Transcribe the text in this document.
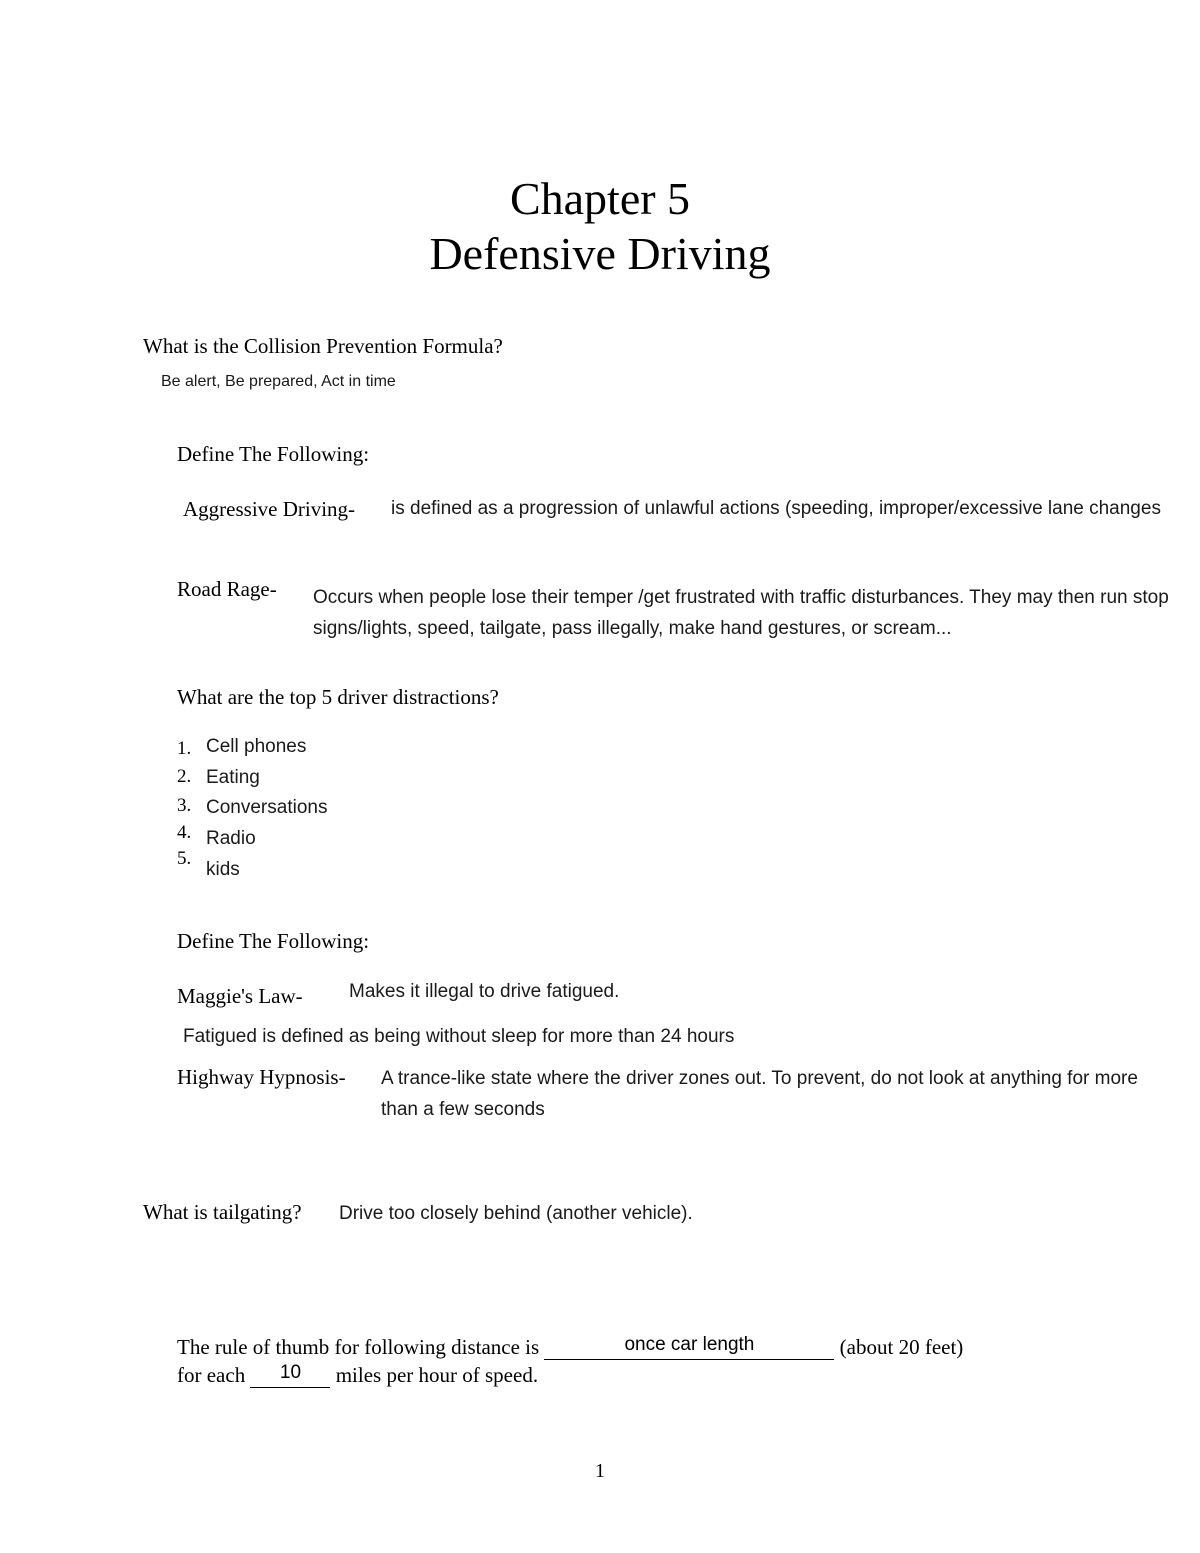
Chapter 5
Defensive Driving
What is the Collision Prevention Formula?
Be alert, Be prepared, Act in time
Define The Following:
Aggressive Driving- is defined as a progression of unlawful actions (speeding, improper/excessive lane changes
Road Rage- Occurs when people lose their temper /get frustrated with traffic disturbances. They may then run stop signs/lights, speed, tailgate, pass illegally, make hand gestures, or scream...
What are the top 5 driver distractions?
1. Cell phones
2. Eating
3. Conversations
4. Radio
5.
kids
Define The Following:
Maggie's Law- Makes it illegal to drive fatigued.
Fatigued is defined as being without sleep for more than 24 hours
Highway Hypnosis- A trance-like state where the driver zones out. To prevent, do not look at anything for more than a few seconds
What is tailgating? Drive too closely behind (another vehicle).
The rule of thumb for following distance is	once car length	(about 20 feet)
for each 10 miles per hour of speed.
1
